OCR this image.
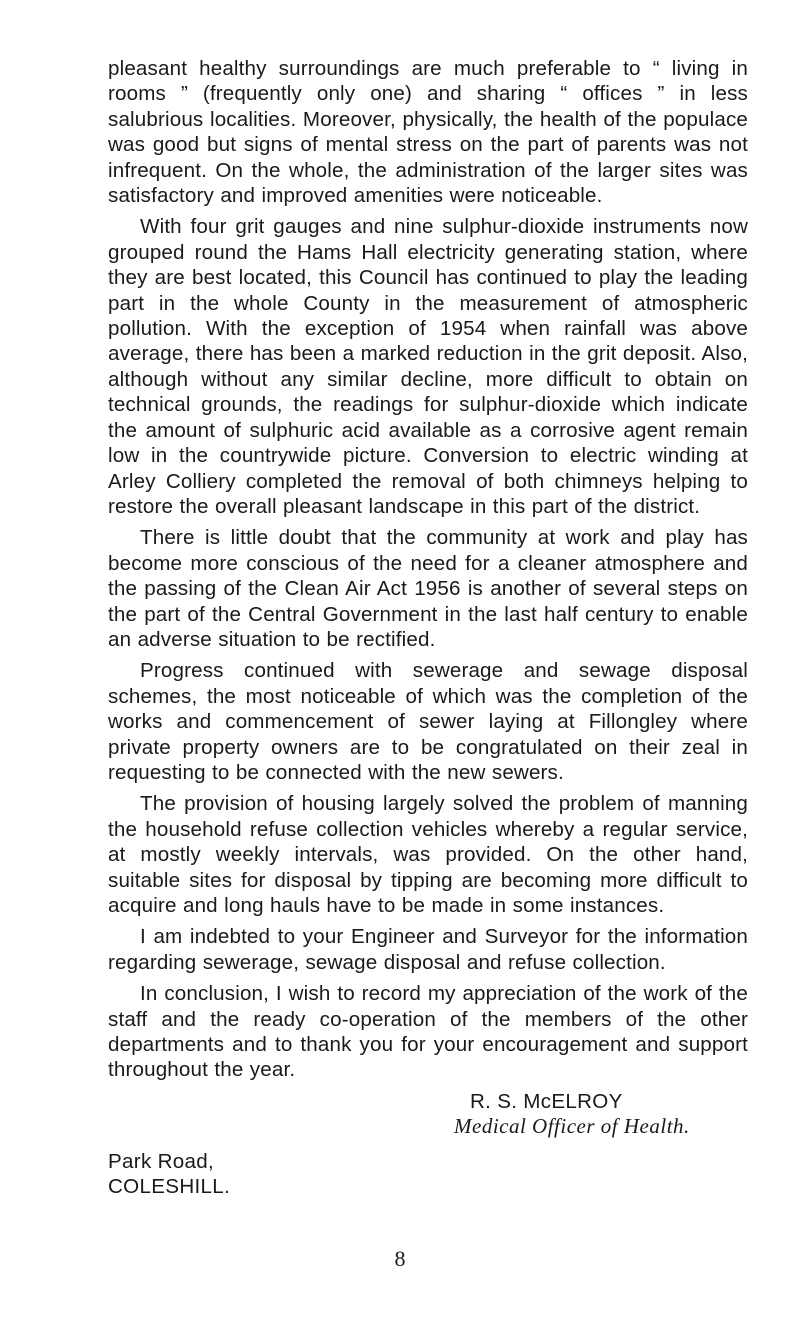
pleasant healthy surroundings are much preferable to “ living in rooms ” (frequently only one) and sharing “ offices ” in less salubrious localities. Moreover, physically, the health of the populace was good but signs of mental stress on the part of parents was not infrequent. On the whole, the administration of the larger sites was satisfactory and improved amenities were noticeable.

With four grit gauges and nine sulphur-dioxide instruments now grouped round the Hams Hall electricity generating station, where they are best located, this Council has continued to play the leading part in the whole County in the measurement of atmospheric pollution. With the exception of 1954 when rainfall was above average, there has been a marked reduction in the grit deposit. Also, although without any similar decline, more difficult to obtain on technical grounds, the readings for sulphur-dioxide which indicate the amount of sulphuric acid available as a corrosive agent remain low in the countrywide picture. Conversion to electric winding at Arley Colliery completed the removal of both chimneys helping to restore the overall pleasant landscape in this part of the district.

There is little doubt that the community at work and play has become more conscious of the need for a cleaner atmosphere and the passing of the Clean Air Act 1956 is another of several steps on the part of the Central Government in the last half century to enable an adverse situation to be rectified.

Progress continued with sewerage and sewage disposal schemes, the most noticeable of which was the completion of the works and commencement of sewer laying at Fillongley where private property owners are to be congratulated on their zeal in requesting to be connected with the new sewers.

The provision of housing largely solved the problem of manning the household refuse collection vehicles whereby a regular service, at mostly weekly intervals, was provided. On the other hand, suitable sites for disposal by tipping are becoming more difficult to acquire and long hauls have to be made in some instances.

I am indebted to your Engineer and Surveyor for the information regarding sewerage, sewage disposal and refuse collection.

In conclusion, I wish to record my appreciation of the work of the staff and the ready co-operation of the members of the other departments and to thank you for your encouragement and support throughout the year.

R. S. McELROY
Medical Officer of Health.
Park Road,
COLESHILL.
8
